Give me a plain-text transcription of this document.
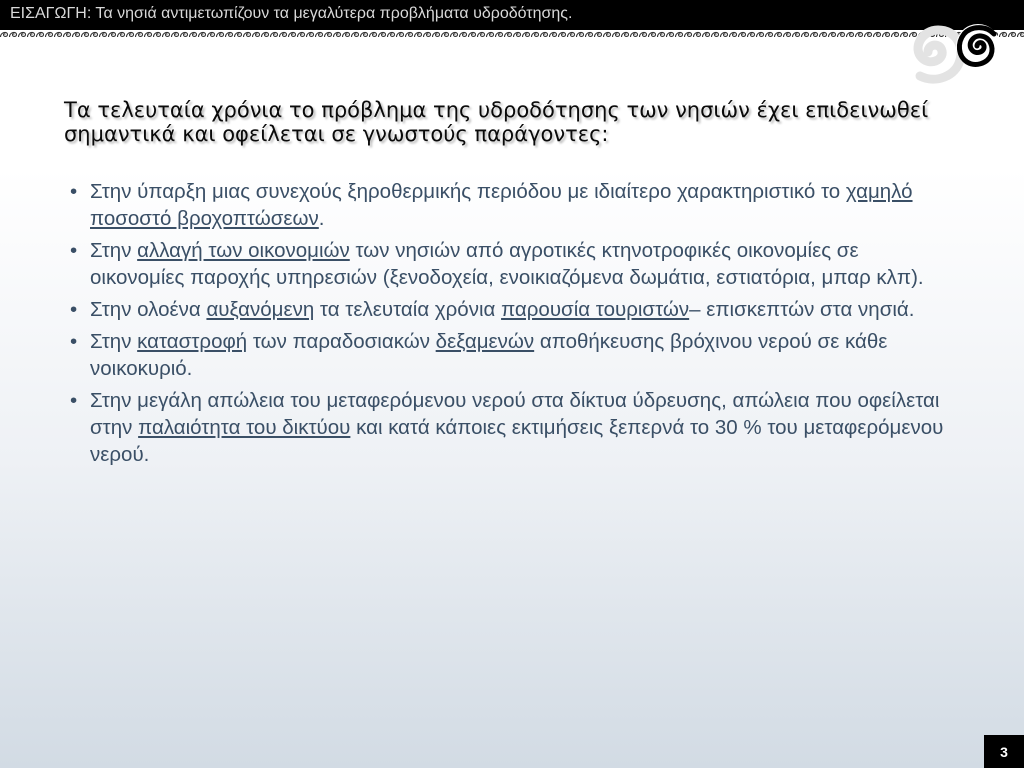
ΕΙΣΑΓΩΓΗ: Τα νησιά αντιμετωπίζουν τα μεγαλύτερα προβλήματα υδροδότησης.
Τα τελευταία χρόνια το πρόβλημα της υδροδότησης των νησιών έχει επιδεινωθεί σημαντικά και οφείλεται σε γνωστούς παράγοντες:
• Στην ύπαρξη μιας συνεχούς ξηροθερμικής περιόδου με ιδιαίτερο χαρακτηριστικό το χαμηλό ποσοστό βροχοπτώσεων.
• Στην αλλαγή των οικονομιών των νησιών από αγροτικές κτηνοτροφικές οικονομίες σε οικονομίες παροχής υπηρεσιών (ξενοδοχεία, ενοικιαζόμενα δωμάτια, εστιατόρια, μπαρ κλπ).
• Στην ολοένα αυξανόμενη τα τελευταία χρόνια παρουσία τουριστών– επισκεπτών στα νησιά.
• Στην καταστροφή των παραδοσιακών δεξαμενών αποθήκευσης βρόχινου νερού σε κάθε νοικοκυριό.
• Στην μεγάλη απώλεια του μεταφερόμενου νερού στα δίκτυα ύδρευσης, απώλεια που οφείλεται στην παλαιότητα του δικτύου και κατά κάποιες εκτιμήσεις ξεπερνά το 30 % του μεταφερόμενου νερού.
3
